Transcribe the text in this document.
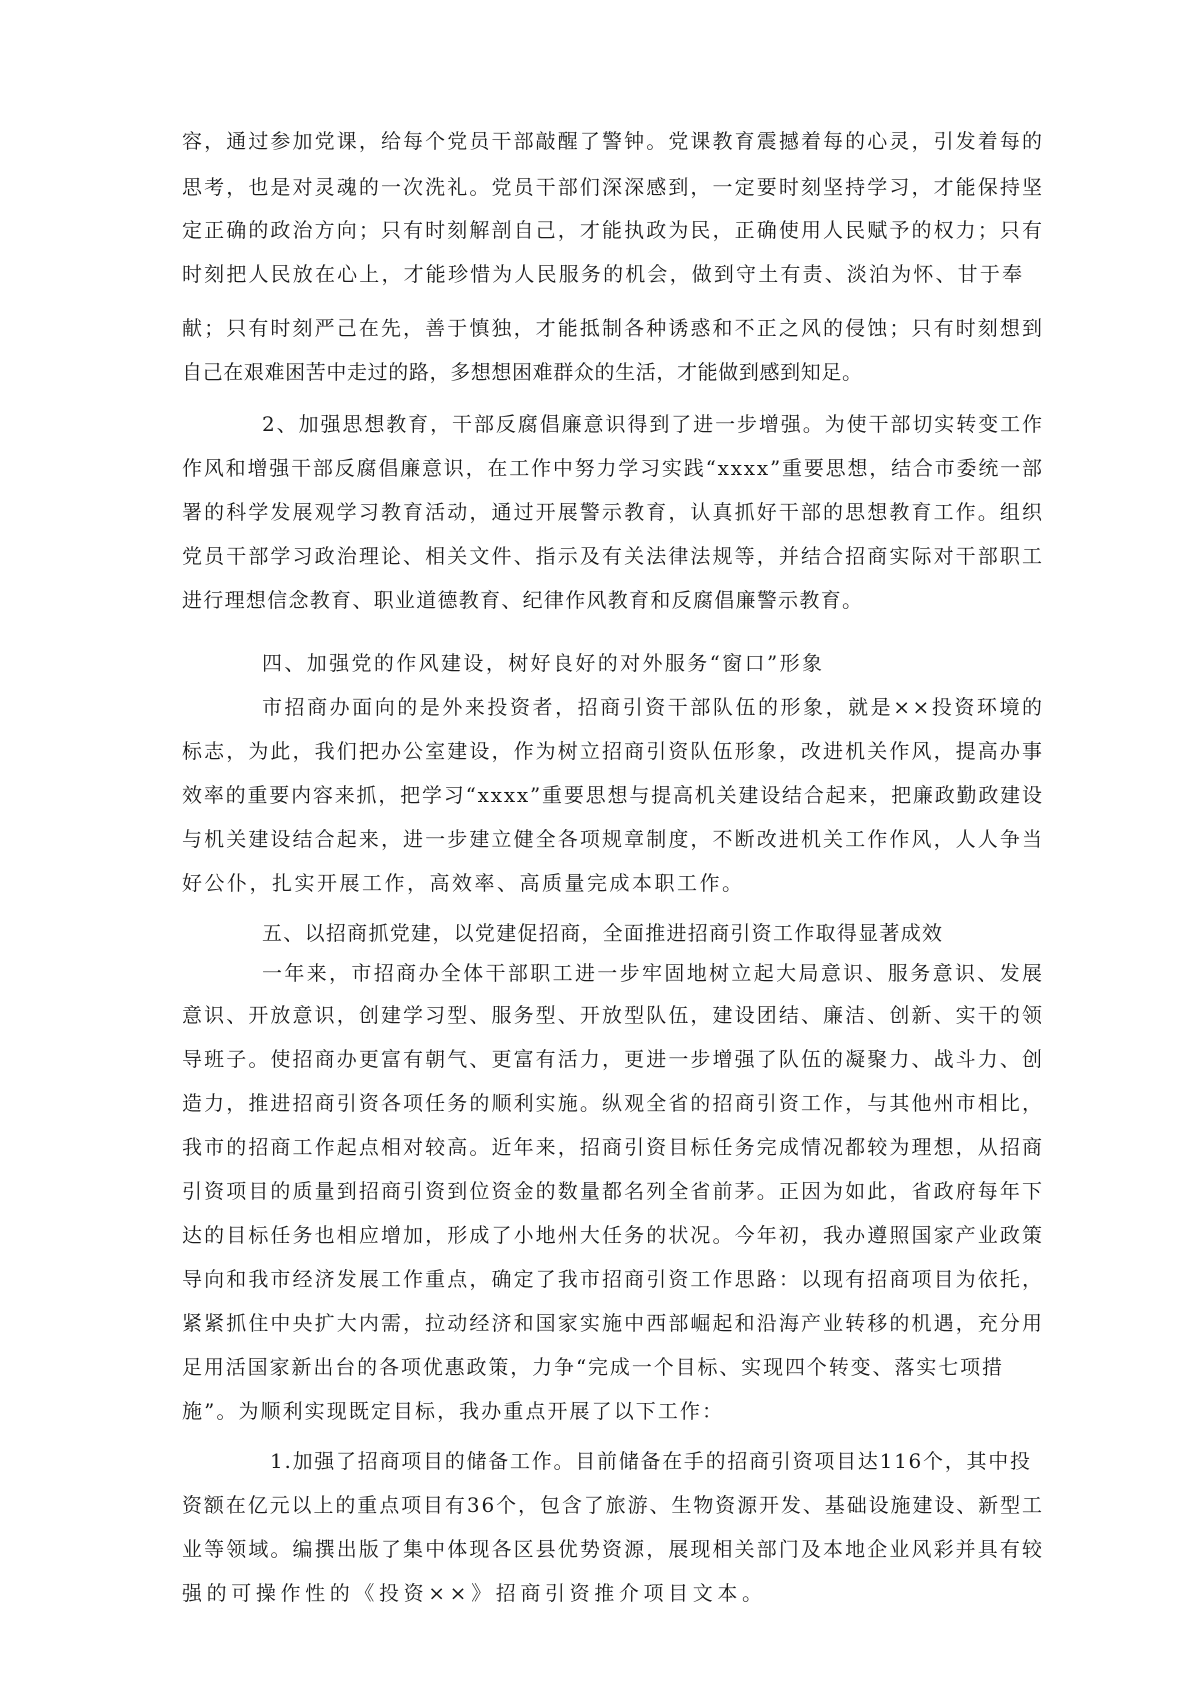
容，通过参加党课，给每个党员干部敲醒了警钟。党课教育震撼着每的心灵，引发着每的
思考，也是对灵魂的一次洗礼。党员干部们深深感到，一定要时刻坚持学习，才能保持坚
定正确的政治方向；只有时刻解剖自己，才能执政为民，正确使用人民赋予的权力；只有
时刻把人民放在心上，才能珍惜为人民服务的机会，做到守土有责、淡泊为怀、甘于奉
献；只有时刻严己在先，善于慎独，才能抵制各种诱惑和不正之风的侵蚀；只有时刻想到
自己在艰难困苦中走过的路，多想想困难群众的生活，才能做到感到知足。
2、加强思想教育，干部反腐倡廉意识得到了进一步增强。为使干部切实转变工作
作风和增强干部反腐倡廉意识，在工作中努力学习实践“xxxx”重要思想，结合市委统一部
署的科学发展观学习教育活动，通过开展警示教育，认真抓好干部的思想教育工作。组织
党员干部学习政治理论、相关文件、指示及有关法律法规等，并结合招商实际对干部职工
进行理想信念教育、职业道德教育、纪律作风教育和反腐倡廉警示教育。
四、加强党的作风建设，树好良好的对外服务“窗口”形象
市招商办面向的是外来投资者，招商引资干部队伍的形象，就是××投资环境的
标志，为此，我们把办公室建设，作为树立招商引资队伍形象，改进机关作风，提高办事
效率的重要内容来抓，把学习“xxxx”重要思想与提高机关建设结合起来，把廉政勤政建设
与机关建设结合起来，进一步建立健全各项规章制度，不断改进机关工作作风，人人争当
好公仆，扎实开展工作，高效率、高质量完成本职工作。
五、以招商抓党建，以党建促招商，全面推进招商引资工作取得显著成效
一年来，市招商办全体干部职工进一步牢固地树立起大局意识、服务意识、发展
意识、开放意识，创建学习型、服务型、开放型队伍，建设团结、廉洁、创新、实干的领
导班子。使招商办更富有朝气、更富有活力，更进一步增强了队伍的凝聚力、战斗力、创
造力，推进招商引资各项任务的顺利实施。纵观全省的招商引资工作，与其他州市相比，
我市的招商工作起点相对较高。近年来，招商引资目标任务完成情况都较为理想，从招商
引资项目的质量到招商引资到位资金的数量都名列全省前茅。正因为如此，省政府每年下
达的目标任务也相应增加，形成了小地州大任务的状况。今年初，我办遵照国家产业政策
导向和我市经济发展工作重点，确定了我市招商引资工作思路：以现有招商项目为依托，
紧紧抓住中央扩大内需，拉动经济和国家实施中西部崛起和沿海产业转移的机遇，充分用
足用活国家新出台的各项优惠政策，力争“完成一个目标、实现四个转变、落实七项措
施”。为顺利实现既定目标，我办重点开展了以下工作：
1.加强了招商项目的储备工作。目前储备在手的招商引资项目达116个，其中投
资额在亿元以上的重点项目有36个，包含了旅游、生物资源开发、基础设施建设、新型工
业等领域。编撰出版了集中体现各区县优势资源，展现相关部门及本地企业风彩并具有较
强的可操作性的《投资××》招商引资推介项目文本。
